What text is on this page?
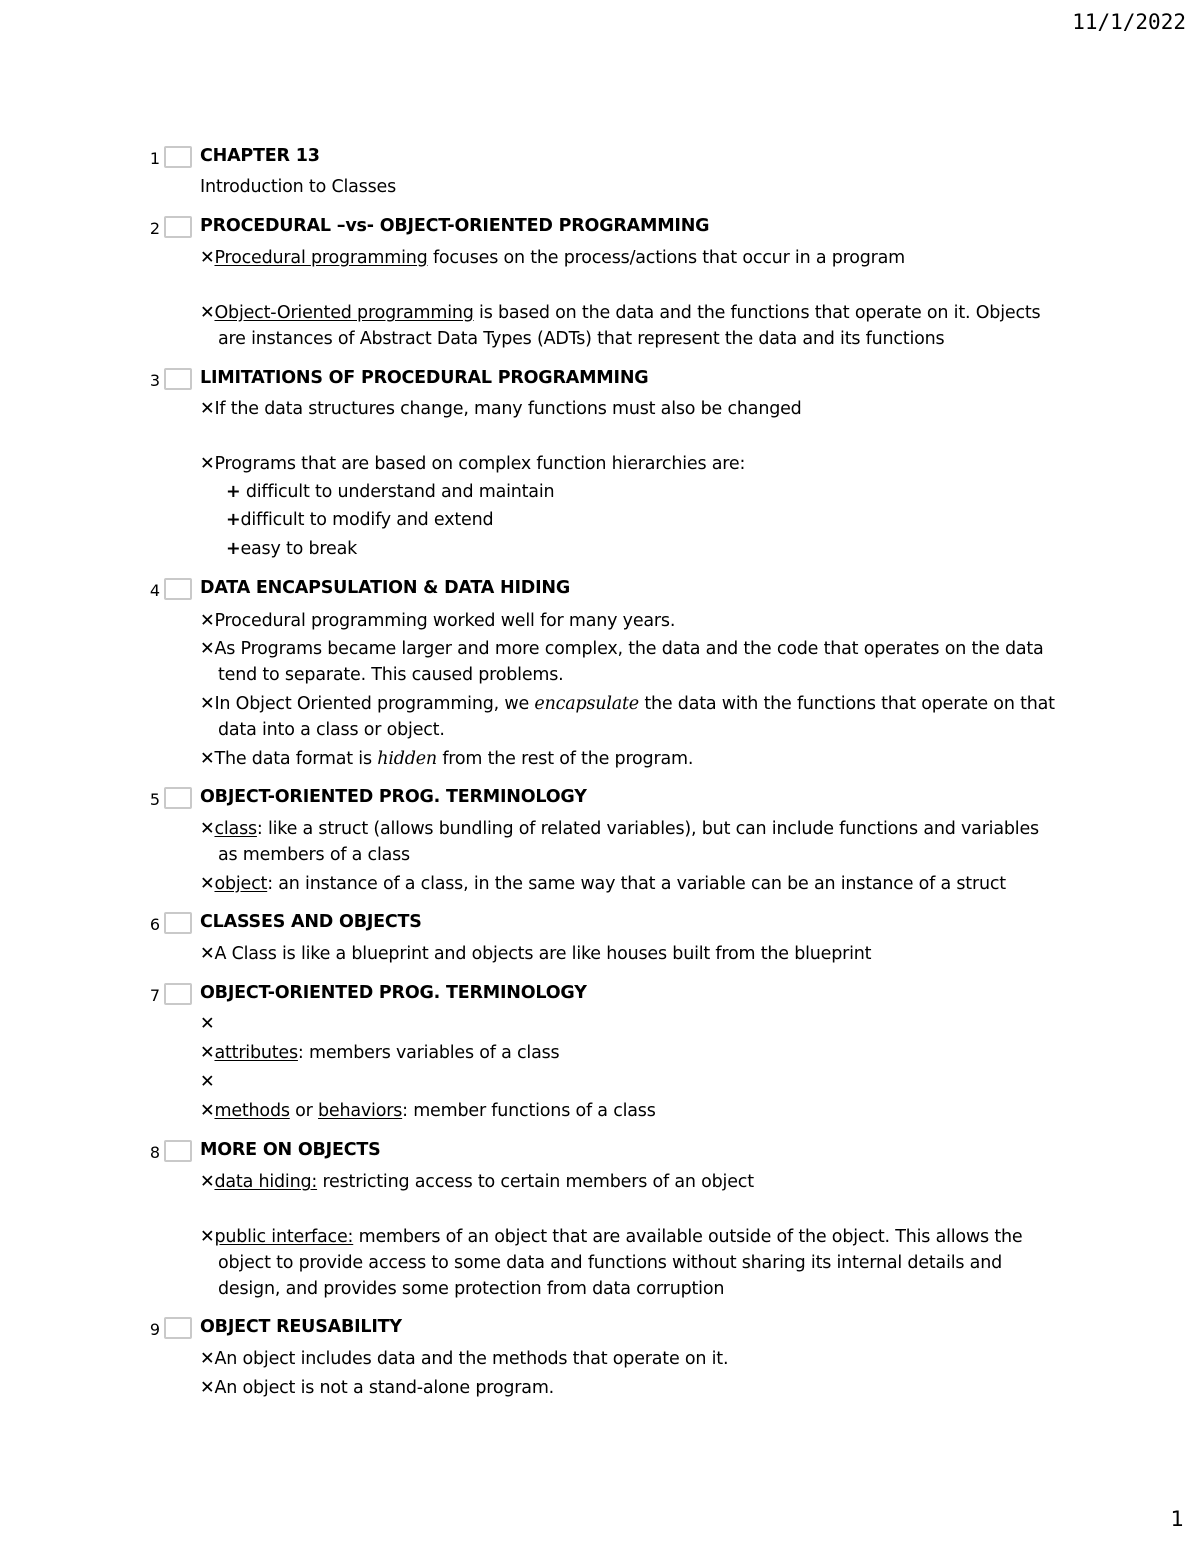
11/1/2022
1 CHAPTER 13
Introduction to Classes
2 PROCEDURAL –vs- OBJECT-ORIENTED PROGRAMMING
✕Procedural programming focuses on the process/actions that occur in a program
✕Object-Oriented programming is based on the data and the functions that operate on it. Objects
are instances of Abstract Data Types (ADTs) that represent the data and its functions
3 LIMITATIONS OF PROCEDURAL PROGRAMMING
✕If the data structures change, many functions must also be changed
✕Programs that are based on complex function hierarchies are:
+ difficult to understand and maintain
+difficult to modify and extend
+easy to break
4 DATA ENCAPSULATION & DATA HIDING
✕Procedural programming worked well for many years.
✕As Programs became larger and more complex, the data and the code that operates on the data
tend to separate. This caused problems.
✕In Object Oriented programming, we encapsulate the data with the functions that operate on that
data into a class or object.
✕The data format is hidden from the rest of the program.
5 OBJECT-ORIENTED PROG. TERMINOLOGY
✕class: like a struct (allows bundling of related variables), but can include functions and variables
as members of a class
✕object: an instance of a class, in the same way that a variable can be an instance of a struct
6 CLASSES AND OBJECTS
✕A Class is like a blueprint and objects are like houses built from the blueprint
7 OBJECT-ORIENTED PROG. TERMINOLOGY
✕
✕attributes: members variables of a class
✕
✕methods or behaviors: member functions of a class
8 MORE ON OBJECTS
✕data hiding: restricting access to certain members of an object
✕public interface: members of an object that are available outside of the object. This allows the
object to provide access to some data and functions without sharing its internal details and
design, and provides some protection from data corruption
9 OBJECT REUSABILITY
✕An object includes data and the methods that operate on it.
✕An object is not a stand-alone program.
1
